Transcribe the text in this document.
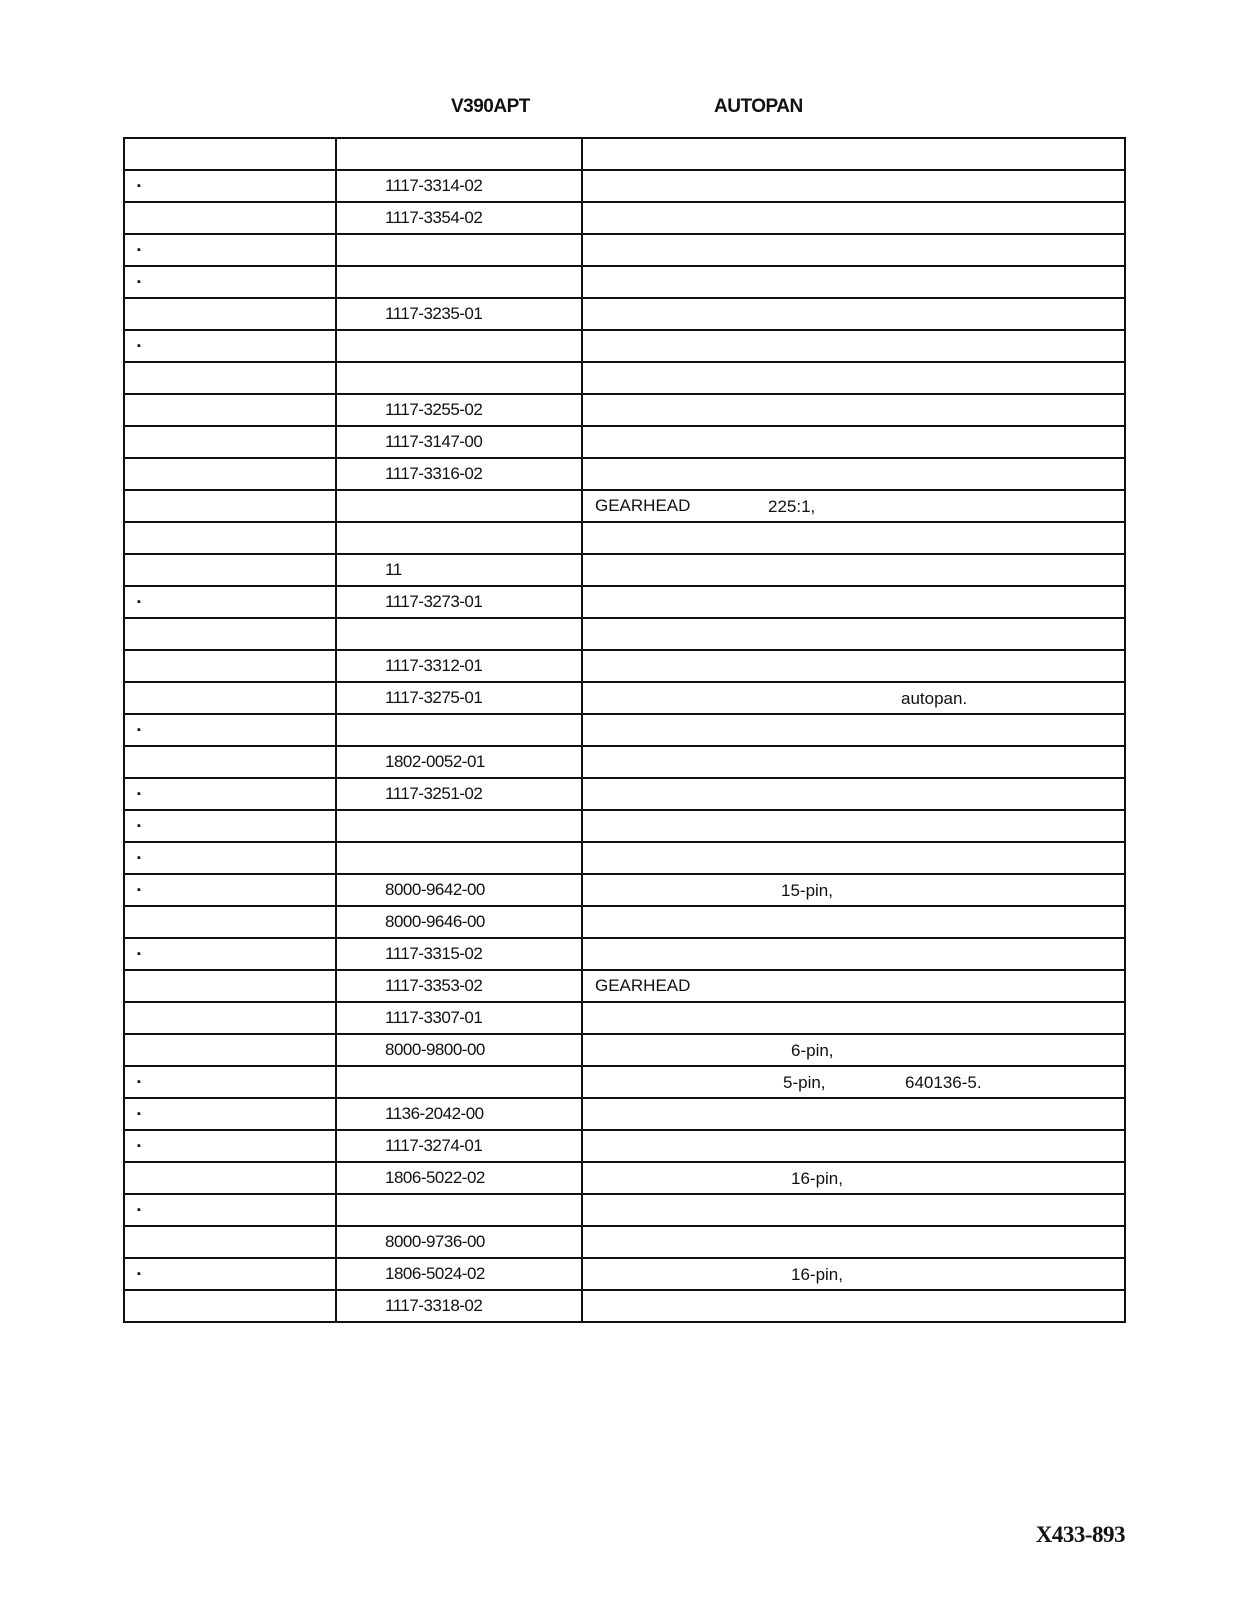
V390APT	AUTOPAN

▪	1117-3314-02	

	1117-3354-02	

▪		

▪		

	1117-3235-01	

▪		

	1117-3255-02	

	1117-3147-00	

	1117-3316-02	

		GEARHEAD 225:1,

	11	

▪	1117-3273-01	

	1117-3312-01	

	1117-3275-01	autopan.

▪		

	1802-0052-01	

▪	1117-3251-02	

▪		

▪		

▪	8000-9642-00	15-pin,

	8000-9646-00	

▪	1117-3315-02	

	1117-3353-02	GEARHEAD

	1117-3307-01	

	8000-9800-00	6-pin,

▪		5-pin, 640136-5.

▪	1136-2042-00	

▪	1117-3274-01	

	1806-5022-02	16-pin,

▪		

	8000-9736-00	

▪	1806-5024-02	16-pin,

	1117-3318-02	
X433-893
